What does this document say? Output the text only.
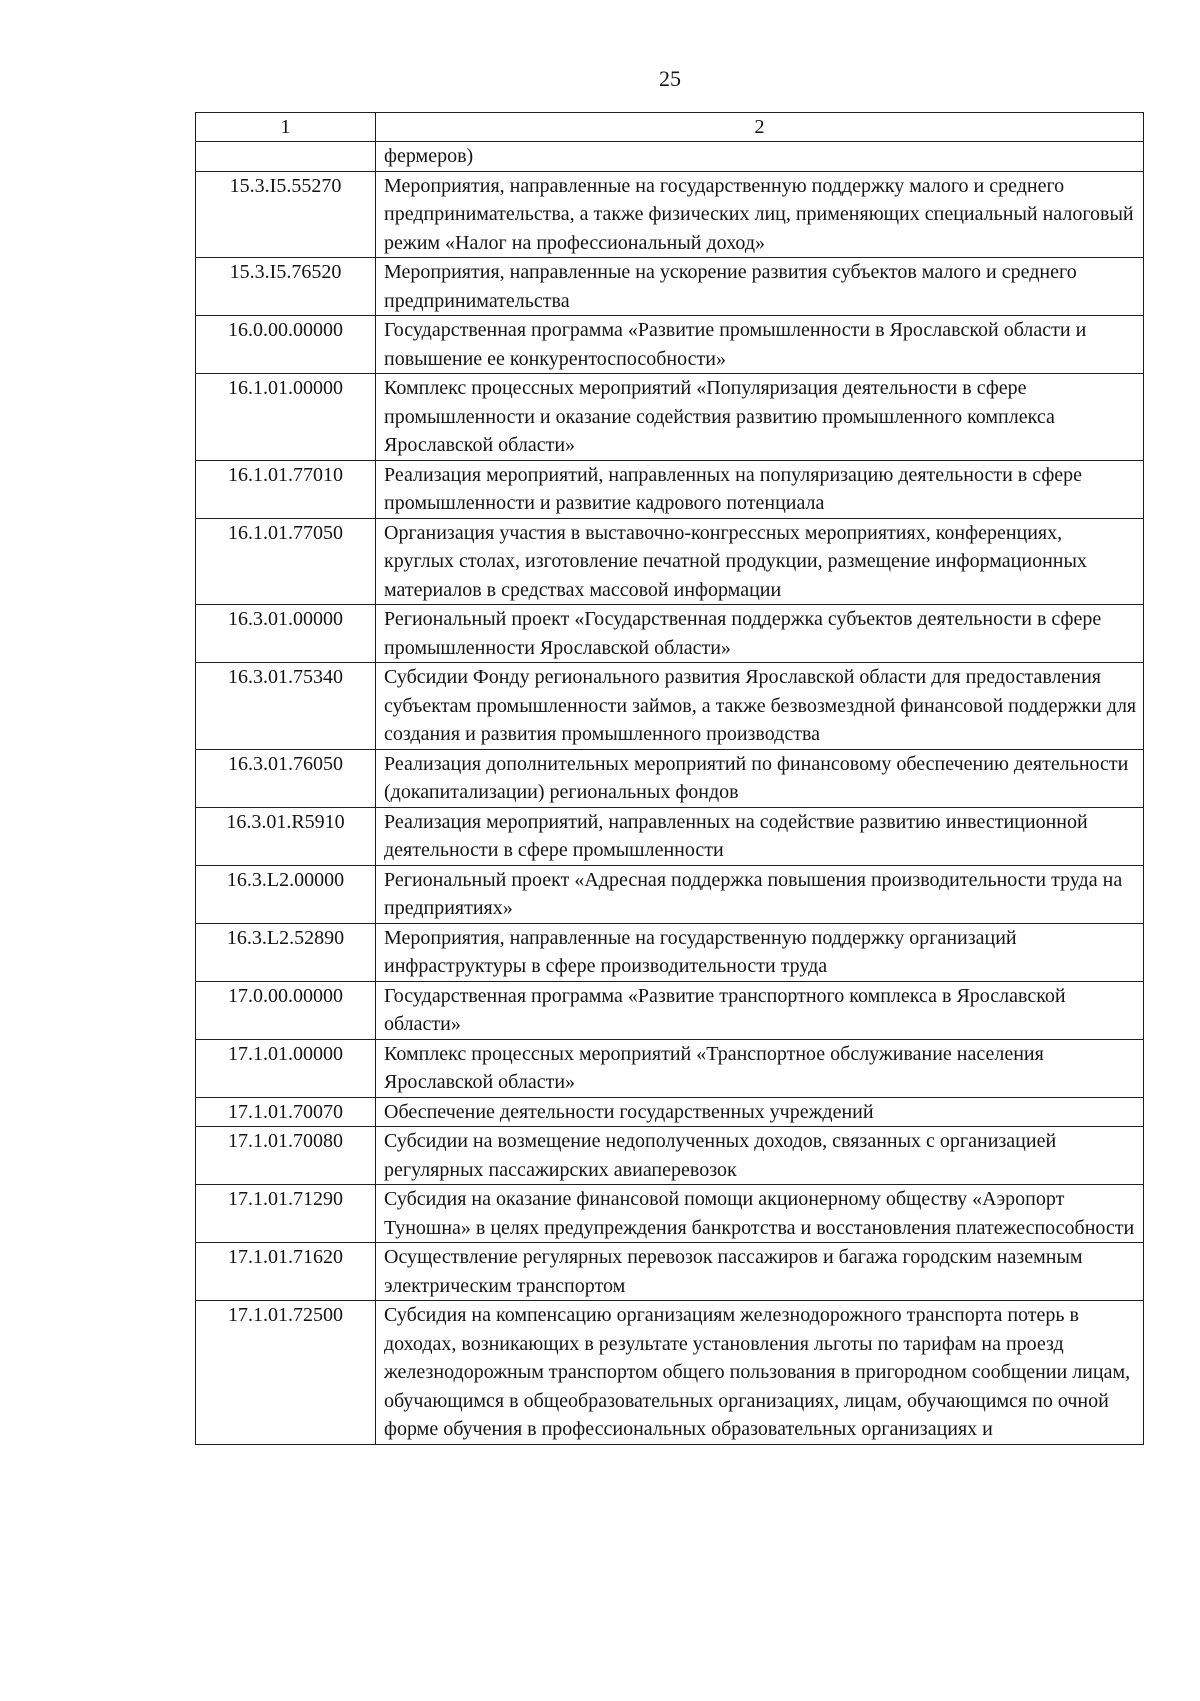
25
1	2
	фермеров)
15.3.I5.55270	Мероприятия, направленные на государственную поддержку малого и среднего предпринимательства, а также физических лиц, применяющих специальный налоговый режим «Налог на профессиональный доход»
15.3.I5.76520	Мероприятия, направленные на ускорение развития субъектов малого и среднего предпринимательства
16.0.00.00000	Государственная программа «Развитие промышленности в Ярославской области и повышение ее конкурентоспособности»
16.1.01.00000	Комплекс процессных мероприятий «Популяризация деятельности в сфере промышленности и оказание содействия развитию промышленного комплекса Ярославской области»
16.1.01.77010	Реализация мероприятий, направленных на популяризацию деятельности в сфере промышленности и развитие кадрового потенциала
16.1.01.77050	Организация участия в выставочно-конгрессных мероприятиях, конференциях, круглых столах, изготовление печатной продукции, размещение информационных материалов в средствах массовой информации
16.3.01.00000	Региональный проект «Государственная поддержка субъектов деятельности в сфере промышленности Ярославской области»
16.3.01.75340	Субсидии Фонду регионального развития Ярославской области для предоставления субъектам промышленности займов, а также безвозмездной финансовой поддержки для создания и развития промышленного производства
16.3.01.76050	Реализация дополнительных мероприятий по финансовому обеспечению деятельности (докапитализации) региональных фондов
16.3.01.R5910	Реализация мероприятий, направленных на содействие развитию инвестиционной деятельности в сфере промышленности
16.3.L2.00000	Региональный проект «Адресная поддержка повышения производительности труда на предприятиях»
16.3.L2.52890	Мероприятия, направленные на государственную поддержку организаций инфраструктуры в сфере производительности труда
17.0.00.00000	Государственная программа «Развитие транспортного комплекса в Ярославской области»
17.1.01.00000	Комплекс процессных мероприятий «Транспортное обслуживание населения Ярославской области»
17.1.01.70070	Обеспечение деятельности государственных учреждений
17.1.01.70080	Субсидии на возмещение недополученных доходов, связанных с организацией регулярных пассажирских авиаперевозок
17.1.01.71290	Субсидия на оказание финансовой помощи акционерному обществу «Аэропорт Туношна» в целях предупреждения банкротства и восстановления платежеспособности
17.1.01.71620	Осуществление регулярных перевозок пассажиров и багажа городским наземным электрическим транспортом
17.1.01.72500	Субсидия на компенсацию организациям железнодорожного транспорта потерь в доходах, возникающих в результате установления льготы по тарифам на проезд железнодорожным транспортом общего пользования в пригородном сообщении лицам, обучающимся в общеобразовательных организациях, лицам, обучающимся по очной форме обучения в профессиональных образовательных организациях и
